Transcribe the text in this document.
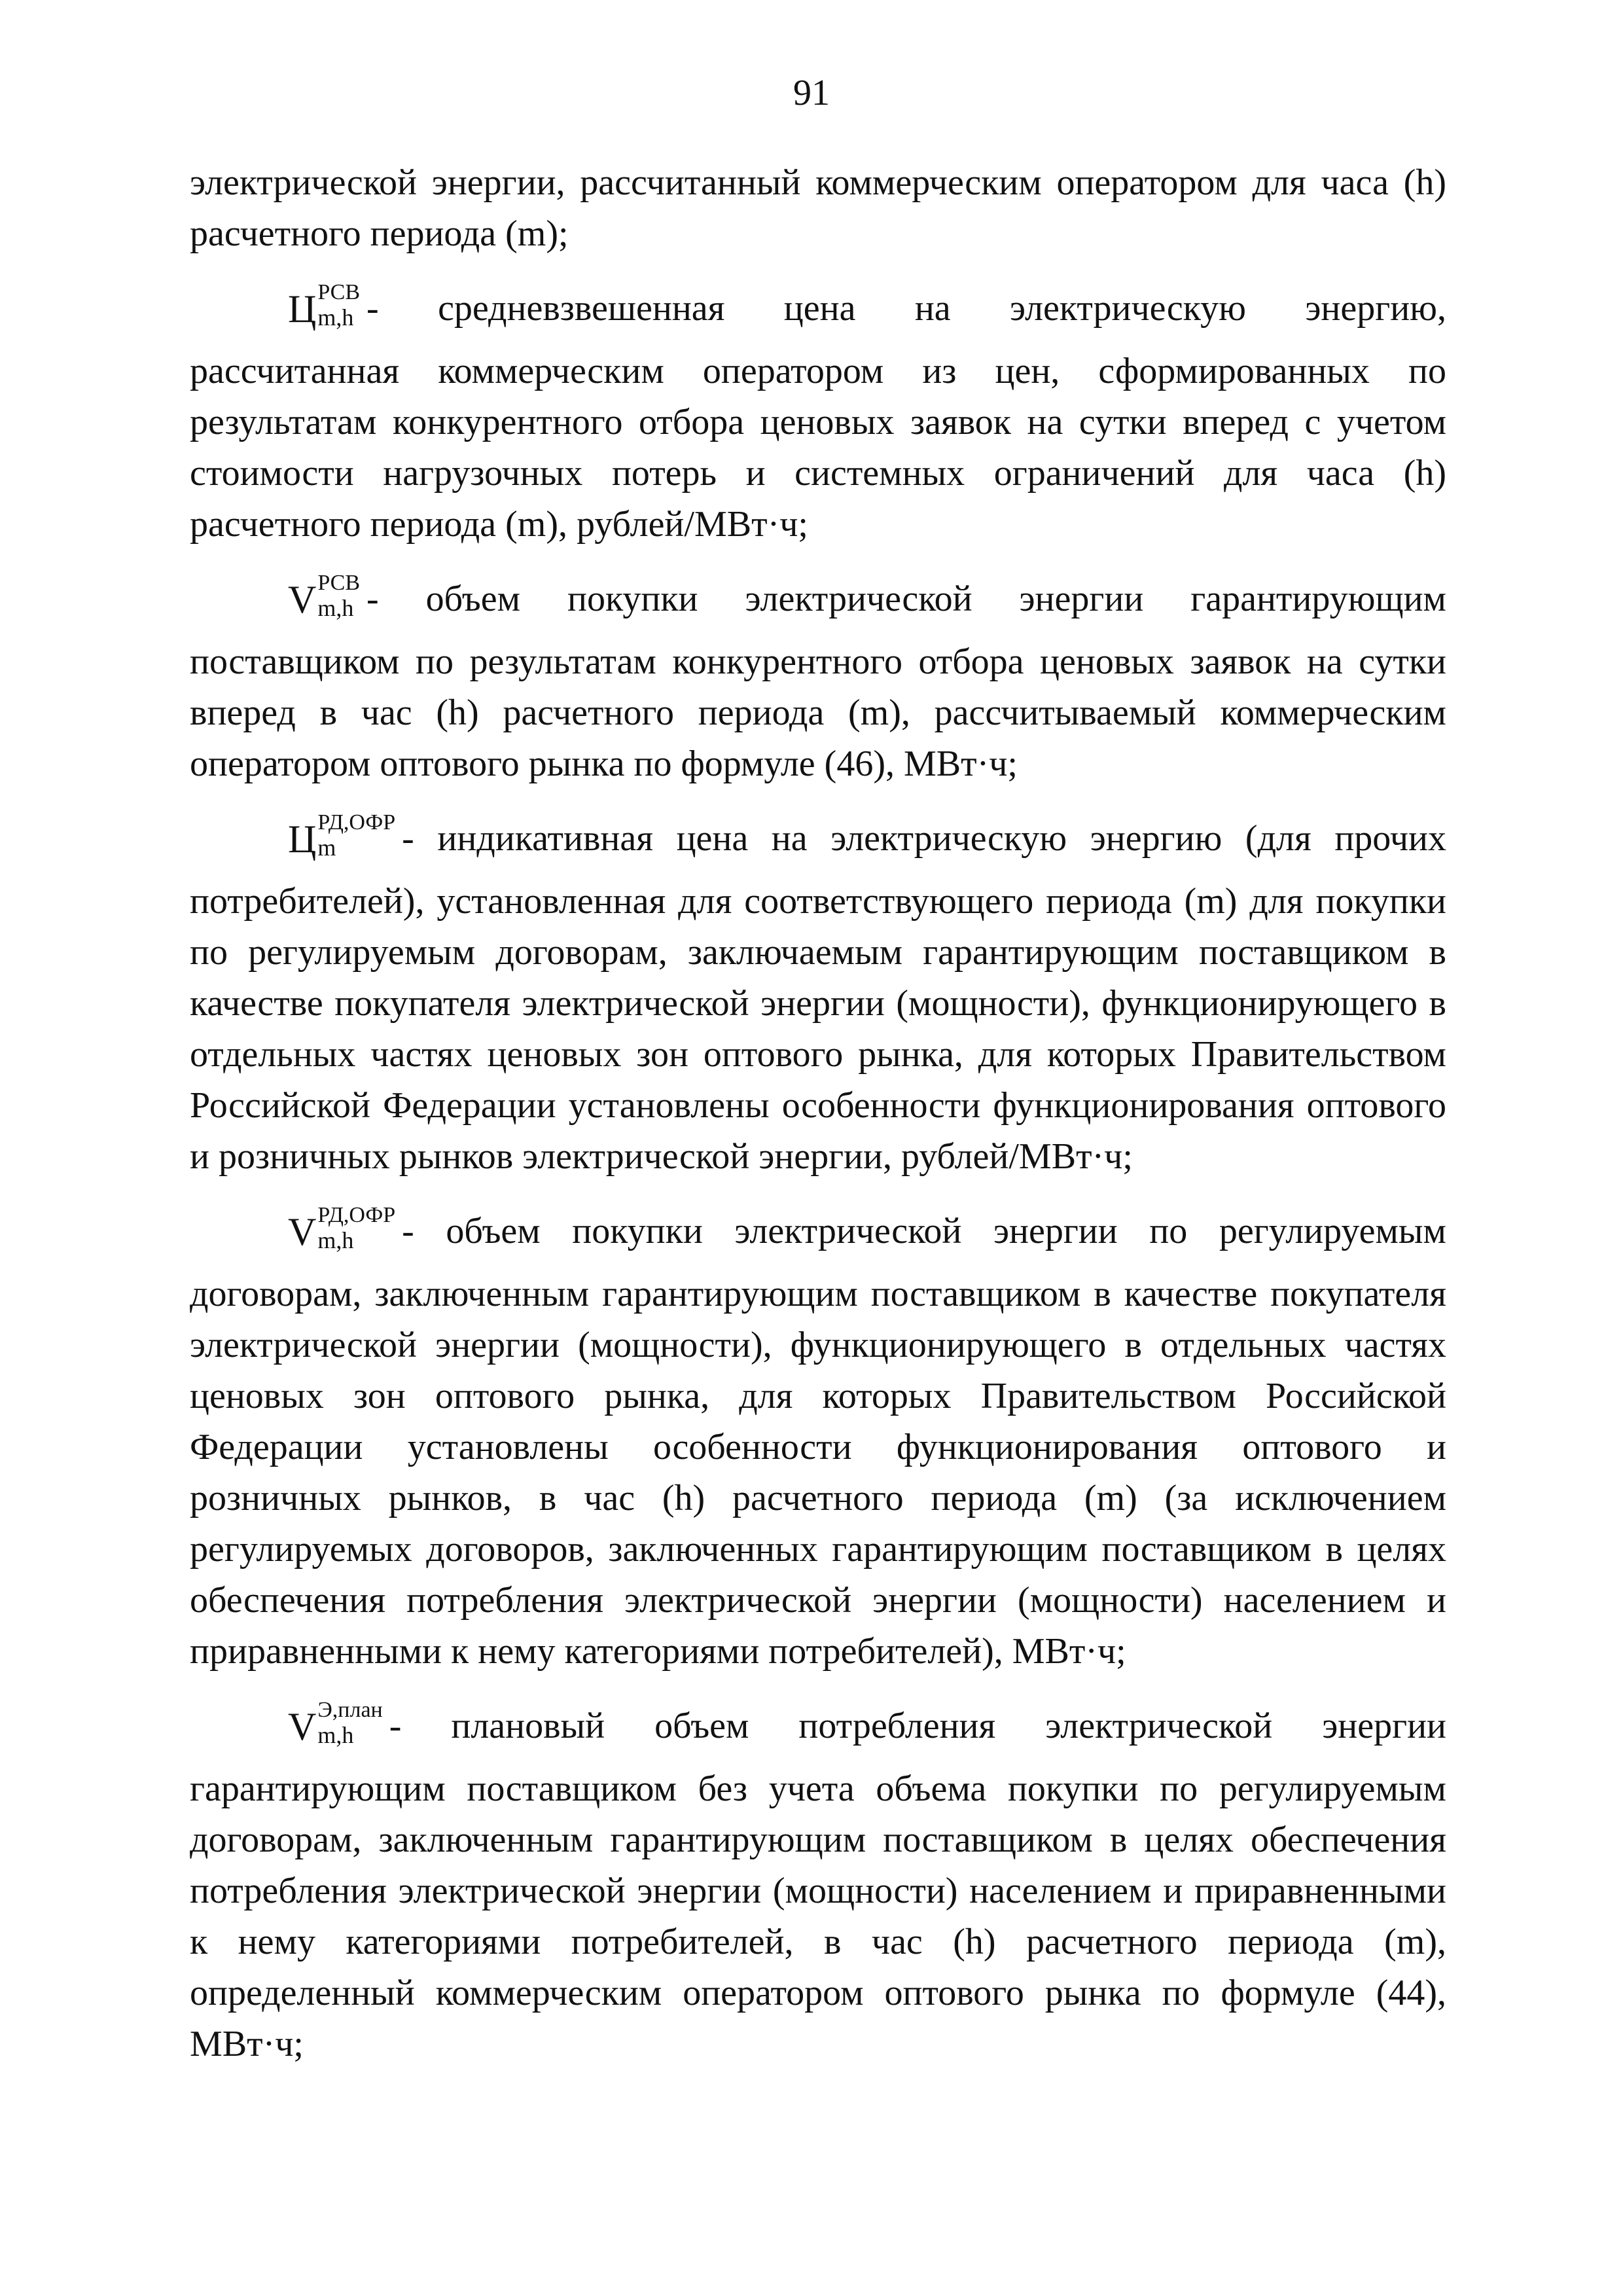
91

электрической энергии, рассчитанный коммерческим оператором для часа (h) расчетного периода (m);

Ц РСВ
m,h - средневзвешенная цена на электрическую энергию,

рассчитанная коммерческим оператором из цен, сформированных по результатам конкурентного отбора ценовых заявок на сутки вперед с учетом стоимости нагрузочных потерь и системных ограничений для часа (h) расчетного периода (m), рублей/МВт·ч;

V РСВ
m,h - объем покупки электрической энергии гарантирующим

поставщиком по результатам конкурентного отбора ценовых заявок на сутки вперед в час (h) расчетного периода (m), рассчитываемый коммерческим оператором оптового рынка по формуле (46), МВт·ч;

Ц РД,ОФР
m	- индикативная цена на электрическую энергию (для прочих

потребителей), установленная для соответствующего периода (m) для покупки по регулируемым договорам, заключаемым гарантирующим поставщиком в качестве покупателя электрической энергии (мощности), функционирующего в отдельных частях ценовых зон оптового рынка, для которых Правительством Российской Федерации установлены особенности функционирования оптового и розничных рынков электрической энергии, рублей/МВт·ч;

V РД,ОФР
m,h	- объем покупки электрической энергии по регулируемым

договорам, заключенным гарантирующим поставщиком в качестве покупателя электрической энергии (мощности), функционирующего в отдельных частях ценовых зон оптового рынка, для которых Правительством Российской Федерации установлены особенности функционирования оптового и розничных рынков, в час (h) расчетного периода (m) (за исключением регулируемых договоров, заключенных гарантирующим поставщиком в целях обеспечения потребления электрической энергии (мощности) населением и приравненными к нему категориями потребителей), МВт·ч;

V Э,план
m,h - плановый объем потребления электрической энергии

гарантирующим поставщиком без учета объема покупки по регулируемым договорам, заключенным гарантирующим поставщиком в целях обеспечения потребления электрической энергии (мощности) населением и приравненными к нему категориями потребителей, в час (h) расчетного периода (m), определенный коммерческим оператором оптового рынка по формуле (44), МВт·ч;
